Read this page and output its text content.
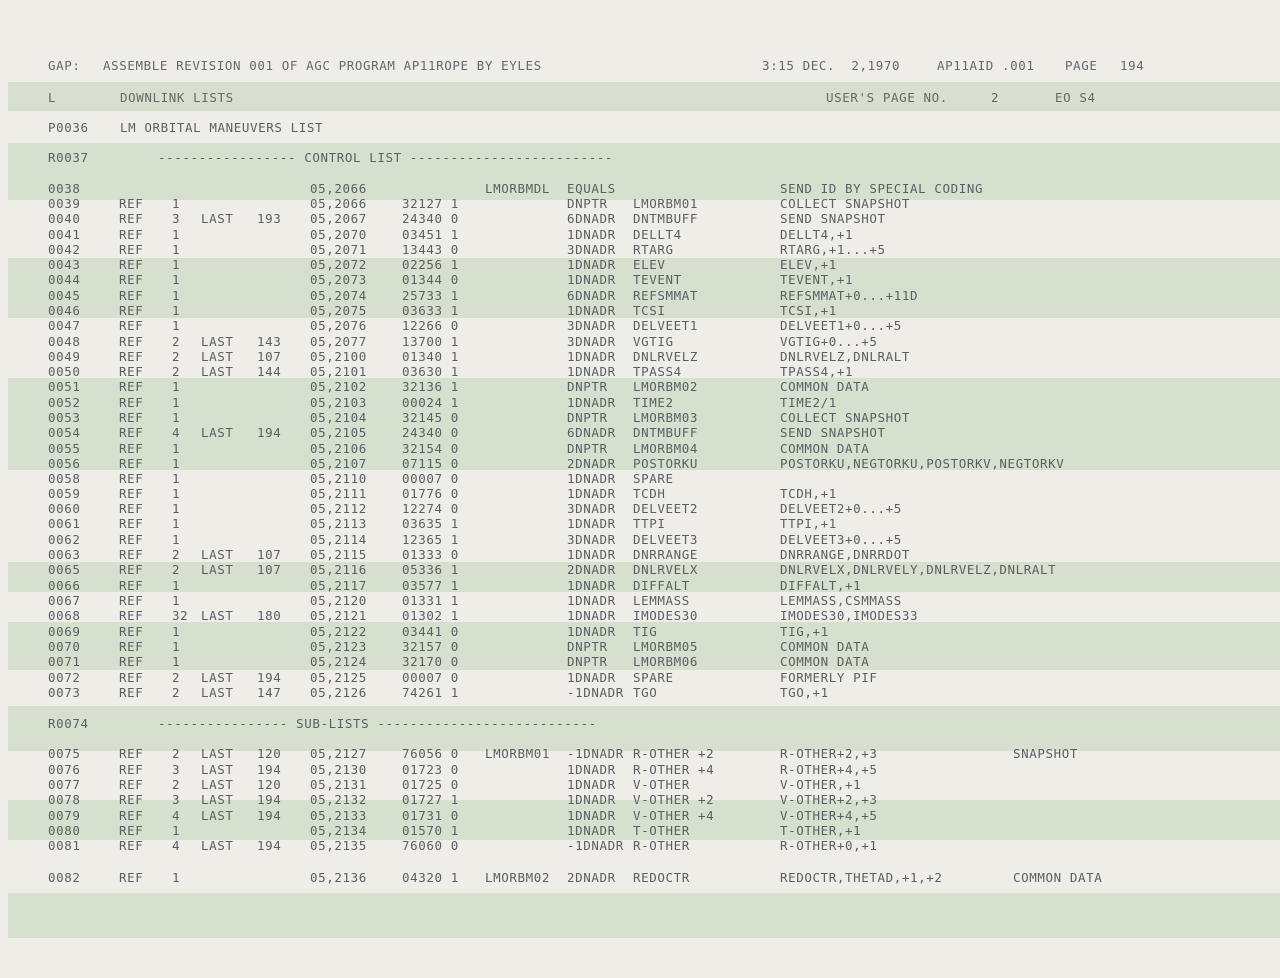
GAP:

ASSEMBLE REVISION 001 OF AGC PROGRAM AP11ROPE BY EYLES

	3:15 DEC.  2,1970

	AP11AID .001

PAGE

194

L

	DOWNLINK LISTS

	USER'S PAGE NO.

	2

	EO S4

P0036	LM ORBITAL MANEUVERS LIST
R0037	----------------- CONTROL LIST -------------------------
0038	05,2066	LMORBMDL EQUALS	SEND ID BY SPECIAL CODING
0039	REF 1	05,2066	32127 1	DNPTR LMORBM01	COLLECT SNAPSHOT
0040	REF 3 LAST 193 05,2067	24340 0	6DNADR DNTMBUFF	SEND SNAPSHOT
0041	REF 1	05,2070	03451 1	1DNADR DELLT4	DELLT4,+1
0042	REF 1	05,2071	13443 0	3DNADR RTARG	RTARG,+1...+5
0043	REF 1	05,2072	02256 1	1DNADR ELEV	ELEV,+1
0044	REF 1	05,2073	01344 0	1DNADR TEVENT	TEVENT,+1
0045	REF 1	05,2074	25733 1	6DNADR REFSMMAT	REFSMMAT+0...+11D
0046	REF 1	05,2075	03633 1	1DNADR TCSI	TCSI,+1
0047	REF 1	05,2076	12266 0	3DNADR DELVEET1	DELVEET1+0...+5
0048	REF 2 LAST 143 05,2077	13700 1	3DNADR VGTIG	VGTIG+0...+5
0049	REF 2 LAST 107 05,2100	01340 1	1DNADR DNLRVELZ	DNLRVELZ,DNLRALT
0050	REF 2 LAST 144 05,2101	03630 1	1DNADR TPASS4	TPASS4,+1
0051	REF 1	05,2102	32136 1	DNPTR LMORBM02	COMMON DATA
0052	REF 1	05,2103	00024 1	1DNADR TIME2	TIME2/1
0053	REF 1	05,2104	32145 0	DNPTR LMORBM03	COLLECT SNAPSHOT
0054	REF 4 LAST 194 05,2105	24340 0	6DNADR DNTMBUFF	SEND SNAPSHOT
0055	REF 1	05,2106	32154 0	DNPTR LMORBM04	COMMON DATA
0056	REF 1	05,2107	07115 0	2DNADR POSTORKU	POSTORKU,NEGTORKU,POSTORKV,NEGTORKV
0058	REF 1	05,2110	00007 0	1DNADR SPARE
0059	REF 1	05,2111	01776 0	1DNADR TCDH	TCDH,+1
0060	REF 1	05,2112	12274 0	3DNADR DELVEET2	DELVEET2+0...+5
0061	REF 1	05,2113	03635 1	1DNADR TTPI	TTPI,+1
0062	REF 1	05,2114	12365 1	3DNADR DELVEET3	DELVEET3+0...+5
0063	REF 2 LAST 107 05,2115	01333 0	1DNADR DNRRANGE	DNRRANGE,DNRRDOT
0065	REF 2 LAST 107 05,2116	05336 1	2DNADR DNLRVELX	DNLRVELX,DNLRVELY,DNLRVELZ,DNLRALT
0066	REF 1	05,2117	03577 1	1DNADR DIFFALT	DIFFALT,+1
0067	REF 1	05,2120	01331 1	1DNADR LEMMASS	LEMMASS,CSMMASS
0068	REF 32 LAST 180 05,2121	01302 1	1DNADR IMODES30	IMODES30,IMODES33
0069	REF 1	05,2122	03441 0	1DNADR TIG	TIG,+1
0070	REF 1	05,2123	32157 0	DNPTR LMORBM05	COMMON DATA
0071	REF 1	05,2124	32170 0	DNPTR LMORBM06	COMMON DATA
0072	REF 2 LAST 194 05,2125	00007 0	1DNADR SPARE	FORMERLY PIF
0073	REF 2 LAST 147 05,2126	74261 1	-1DNADR TGO	TGO,+1
R0074	---------------- SUB-LISTS ---------------------------
0075	REF 2 LAST 120 05,2127	76056 0 LMORBM01 -1DNADR R-OTHER +2	R-OTHER+2,+3	SNAPSHOT
0076	REF 3 LAST 194 05,2130	01723 0	1DNADR R-OTHER +4	R-OTHER+4,+5
0077	REF 2 LAST 120 05,2131	01725 0	1DNADR V-OTHER	V-OTHER,+1
0078	REF 3 LAST 194 05,2132	01727 1	1DNADR V-OTHER +2	V-OTHER+2,+3
0079	REF 4 LAST 194 05,2133	01731 0	1DNADR V-OTHER +4	V-OTHER+4,+5
0080	REF 1	05,2134	01570 1	1DNADR T-OTHER	T-OTHER,+1
0081	REF 4 LAST 194 05,2135	76060 0	-1DNADR R-OTHER	R-OTHER+0,+1
0082	REF 1	05,2136	04320 1 LMORBM02 2DNADR REDOCTR	REDOCTR,THETAD,+1,+2	COMMON DATA
